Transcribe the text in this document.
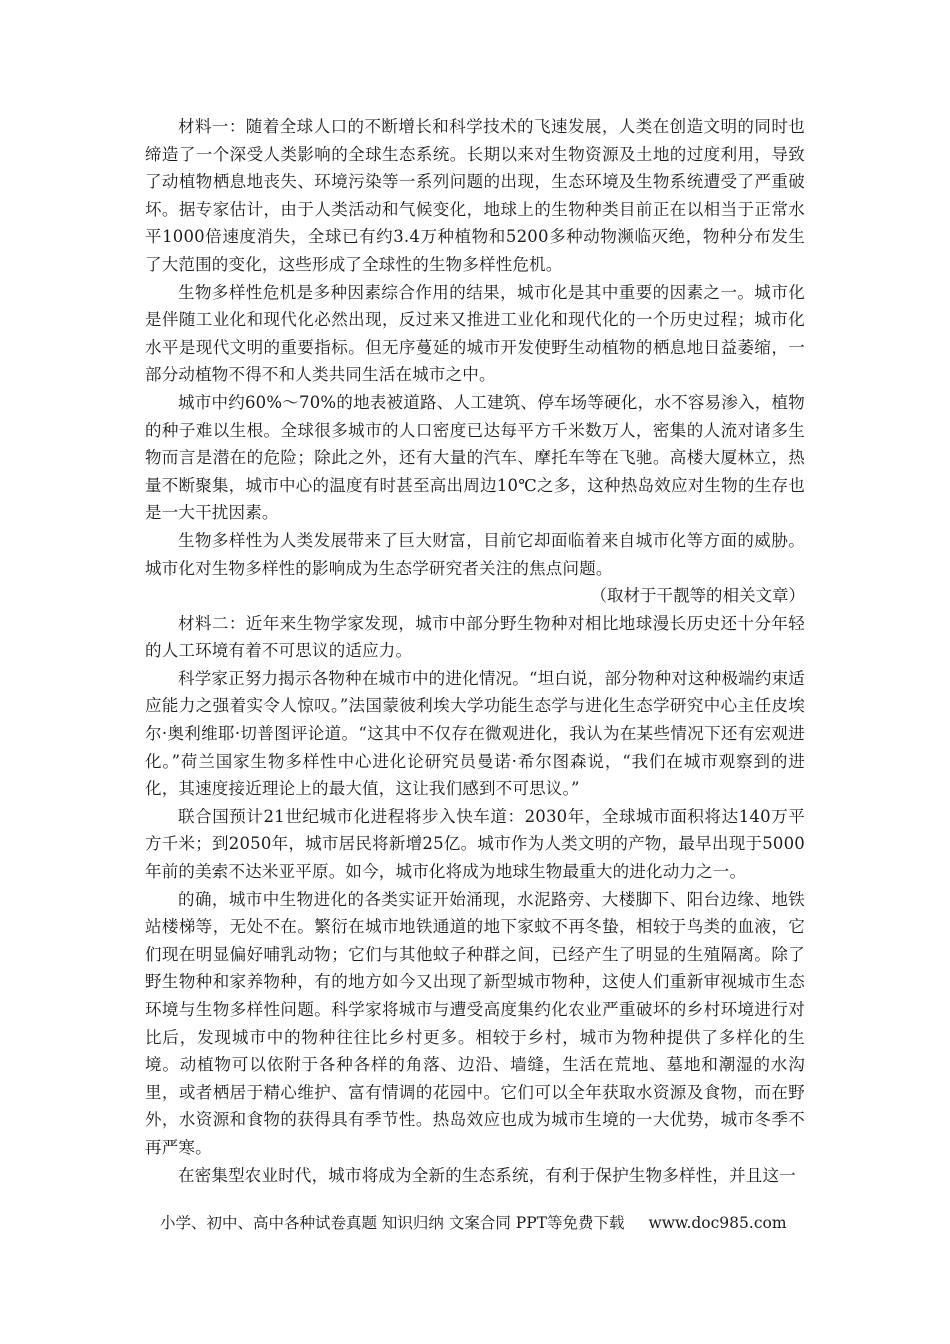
材料一：随着全球人口的不断增长和科学技术的飞速发展，人类在创造文明的同时也缔造了一个深受人类影响的全球生态系统。长期以来对生物资源及土地的过度利用，导致了动植物栖息地丧失、环境污染等一系列问题的出现，生态环境及生物系统遭受了严重破坏。据专家估计，由于人类活动和气候变化，地球上的生物种类目前正在以相当于正常水平1000倍速度消失，全球已有约3.4万种植物和5200多种动物濒临灭绝，物种分布发生了大范围的变化，这些形成了全球性的生物多样性危机。

生物多样性危机是多种因素综合作用的结果，城市化是其中重要的因素之一。城市化是伴随工业化和现代化必然出现，反过来又推进工业化和现代化的一个历史过程；城市化水平是现代文明的重要指标。但无序蔓延的城市开发使野生动植物的栖息地日益萎缩，一部分动植物不得不和人类共同生活在城市之中。

城市中约60%～70%的地表被道路、人工建筑、停车场等硬化，水不容易渗入，植物的种子难以生根。全球很多城市的人口密度已达每平方千米数万人，密集的人流对诸多生物而言是潜在的危险；除此之外，还有大量的汽车、摩托车等在飞驰。高楼大厦林立，热量不断聚集，城市中心的温度有时甚至高出周边10℃之多，这种热岛效应对生物的生存也是一大干扰因素。

生物多样性为人类发展带来了巨大财富，目前它却面临着来自城市化等方面的威胁。城市化对生物多样性的影响成为生态学研究者关注的焦点问题。

（取材于干靓等的相关文章）

材料二：近年来生物学家发现，城市中部分野生物种对相比地球漫长历史还十分年轻的人工环境有着不可思议的适应力。

科学家正努力揭示各物种在城市中的进化情况。“坦白说，部分物种对这种极端约束适应能力之强着实令人惊叹。”法国蒙彼利埃大学功能生态学与进化生态学研究中心主任皮埃尔·奥利维耶·切普图评论道。“这其中不仅存在微观进化，我认为在某些情况下还有宏观进化。”荷兰国家生物多样性中心进化论研究员曼诺·希尔图森说，“我们在城市观察到的进化，其速度接近理论上的最大值，这让我们感到不可思议。”

联合国预计21世纪城市化进程将步入快车道：2030年，全球城市面积将达140万平方千米；到2050年，城市居民将新增25亿。城市作为人类文明的产物，最早出现于5000年前的美索不达米亚平原。如今，城市化将成为地球生物最重大的进化动力之一。

的确，城市中生物进化的各类实证开始涌现，水泥路旁、大楼脚下、阳台边缘、地铁站楼梯等，无处不在。繁衍在城市地铁通道的地下家蚊不再冬蛰，相较于鸟类的血液，它们现在明显偏好哺乳动物；它们与其他蚊子种群之间，已经产生了明显的生殖隔离。除了野生物种和家养物种，有的地方如今又出现了新型城市物种，这使人们重新审视城市生态环境与生物多样性问题。科学家将城市与遭受高度集约化农业严重破坏的乡村环境进行对比后，发现城市中的物种往往比乡村更多。相较于乡村，城市为物种提供了多样化的生境。动植物可以依附于各种各样的角落、边沿、墙缝，生活在荒地、墓地和潮湿的水沟里，或者栖居于精心维护、富有情调的花园中。它们可以全年获取水资源及食物，而在野外，水资源和食物的获得具有季节性。热岛效应也成为城市生境的一大优势，城市冬季不再严寒。

在密集型农业时代，城市将成为全新的生态系统，有利于保护生物多样性，并且这一

小学、初中、高中各种试卷真题 知识归纳 文案合同 PPT等免费下载 www.doc985.com
